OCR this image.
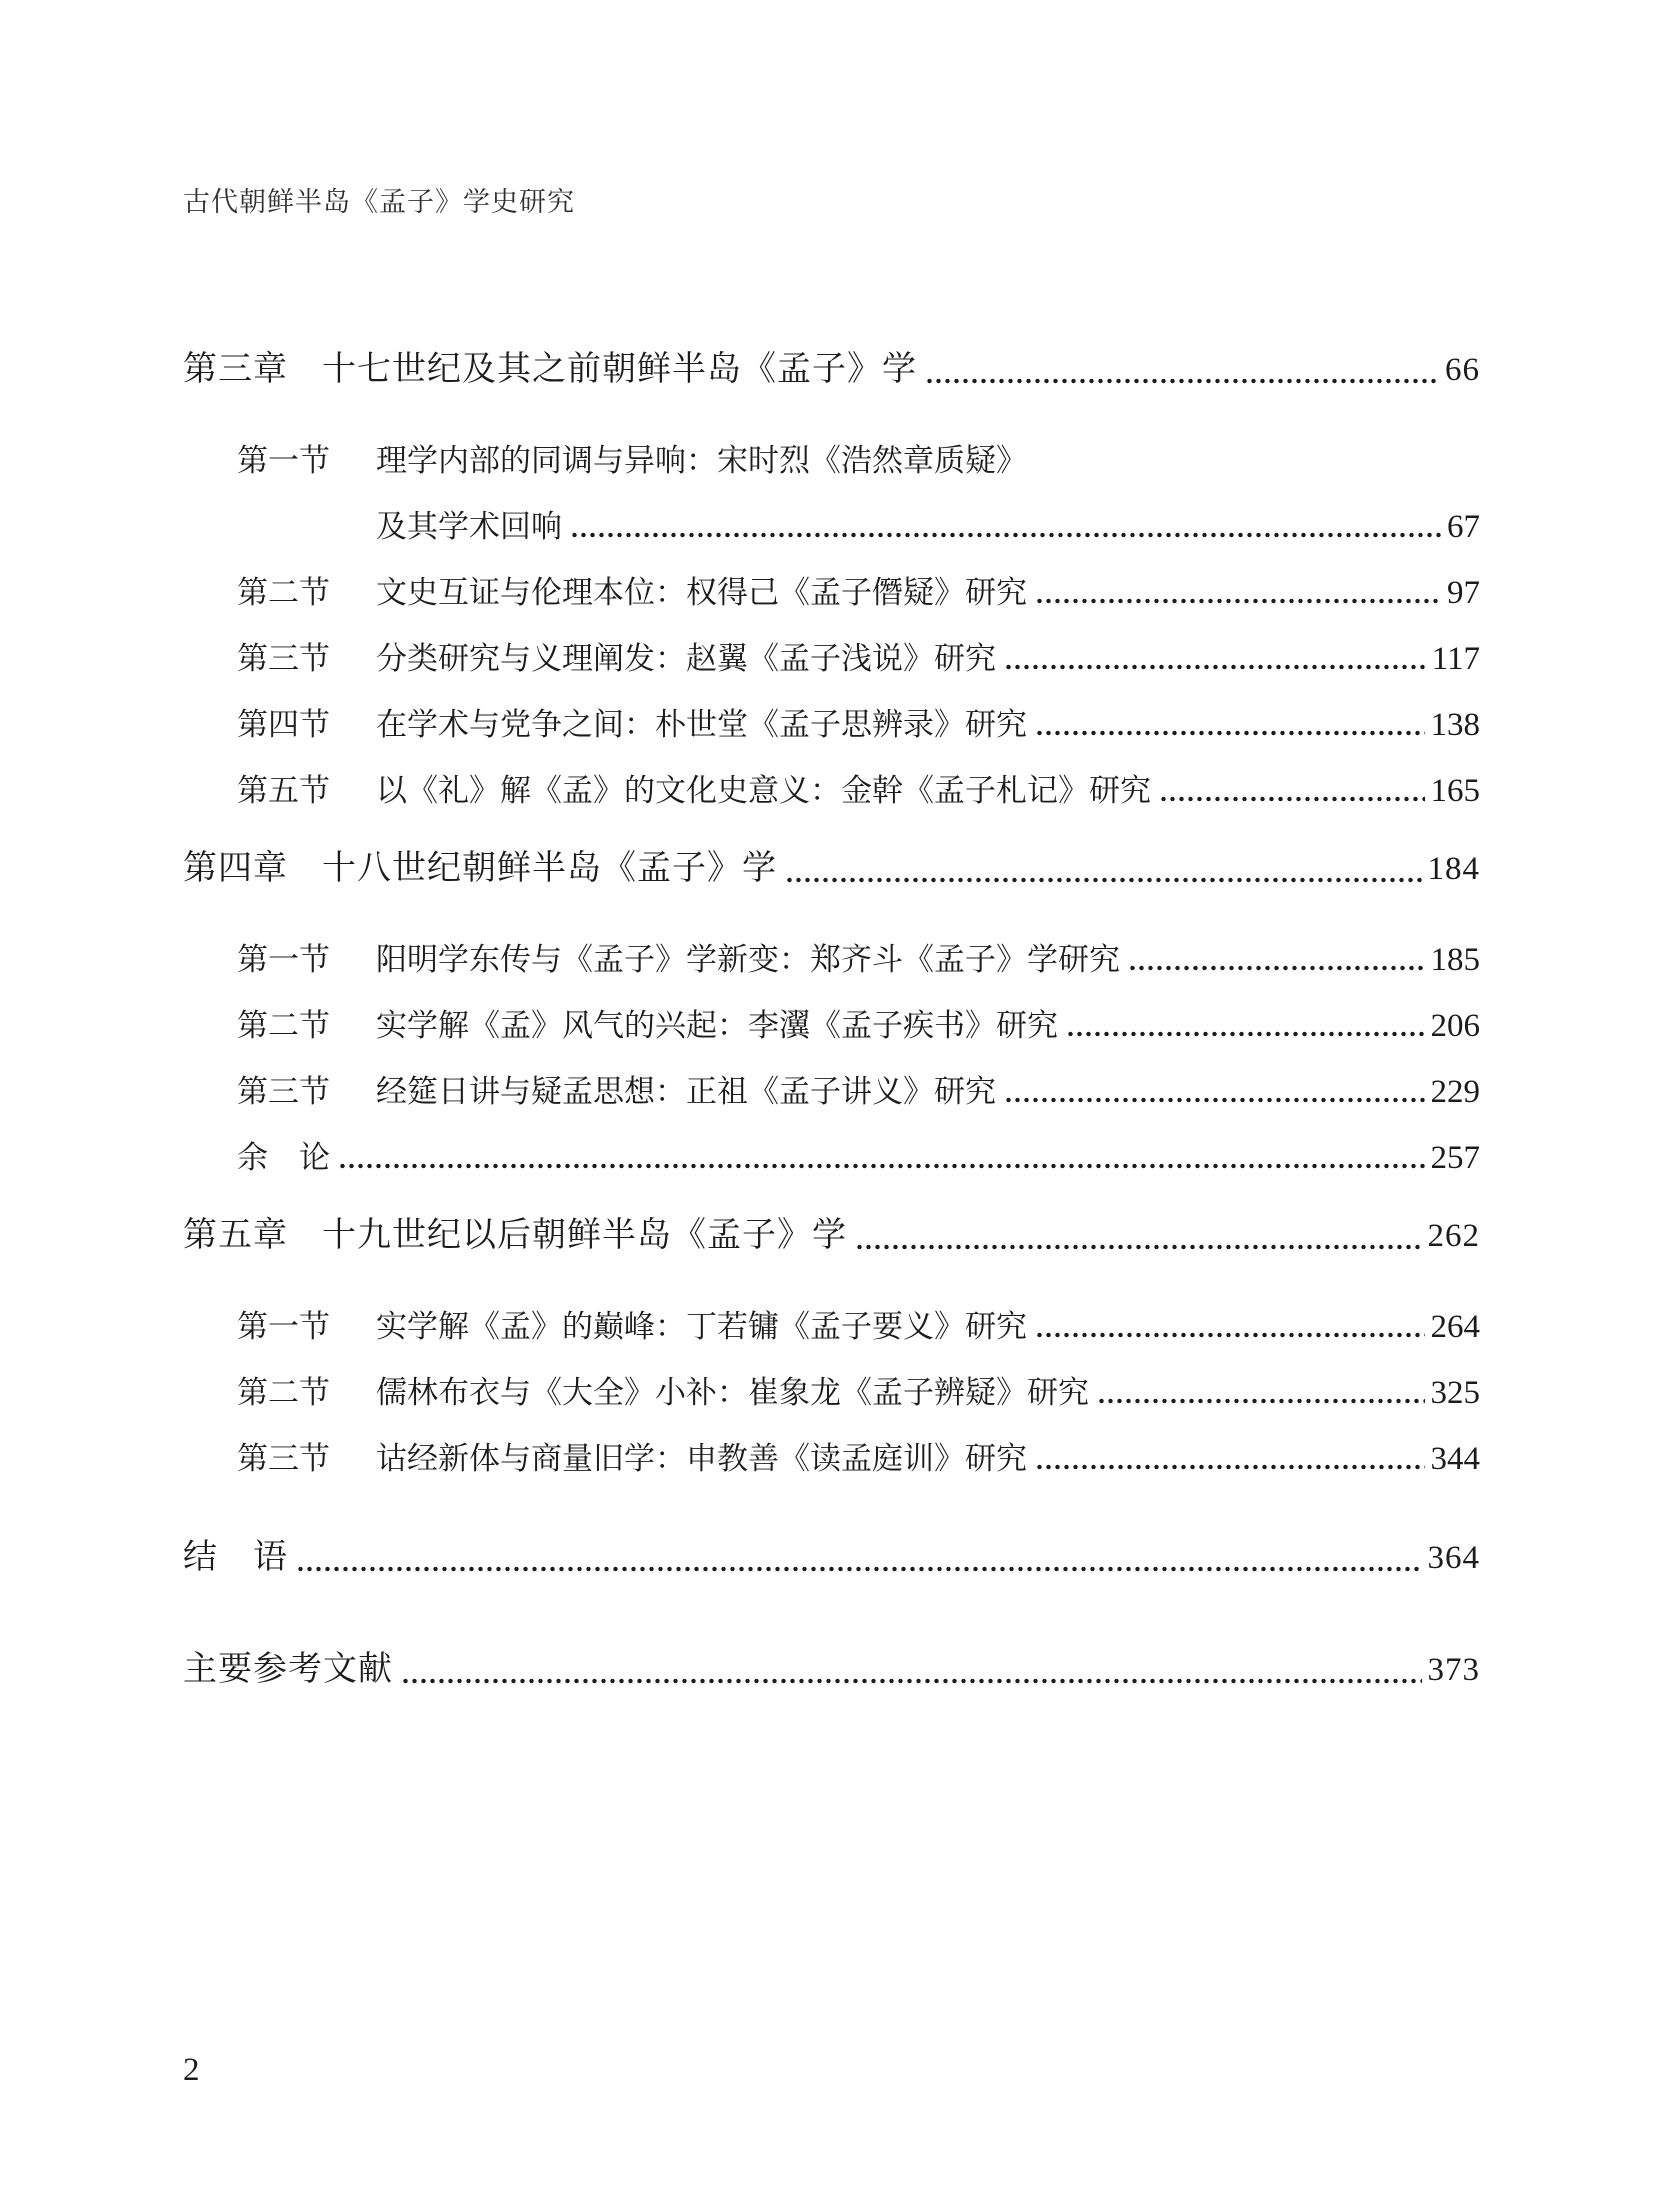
古代朝鲜半岛《孟子》学史研究
第三章 十七世纪及其之前朝鲜半岛《孟子》学	66
第一节 理学内部的同调与异响：宋时烈《浩然章质疑》
及其学术回响	67
第二节 文史互证与伦理本位：权得己《孟子僭疑》研究	97
第三节 分类研究与义理阐发：赵翼《孟子浅说》研究	117
第四节 在学术与党争之间：朴世堂《孟子思辨录》研究	138
第五节 以《礼》解《孟》的文化史意义：金幹《孟子札记》研究	165
第四章 十八世纪朝鲜半岛《孟子》学	184
第一节 阳明学东传与《孟子》学新变：郑齐斗《孟子》学研究	185
第二节 实学解《孟》风气的兴起：李瀷《孟子疾书》研究	206
第三节 经筵日讲与疑孟思想：正祖《孟子讲义》研究	229
余　论	257
第五章 十九世纪以后朝鲜半岛《孟子》学	262
第一节 实学解《孟》的巅峰：丁若镛《孟子要义》研究	264
第二节 儒林布衣与《大全》小补：崔象龙《孟子辨疑》研究	325
第三节 诂经新体与商量旧学：申教善《读孟庭训》研究	344
结　语	364
主要参考文献	373
2
